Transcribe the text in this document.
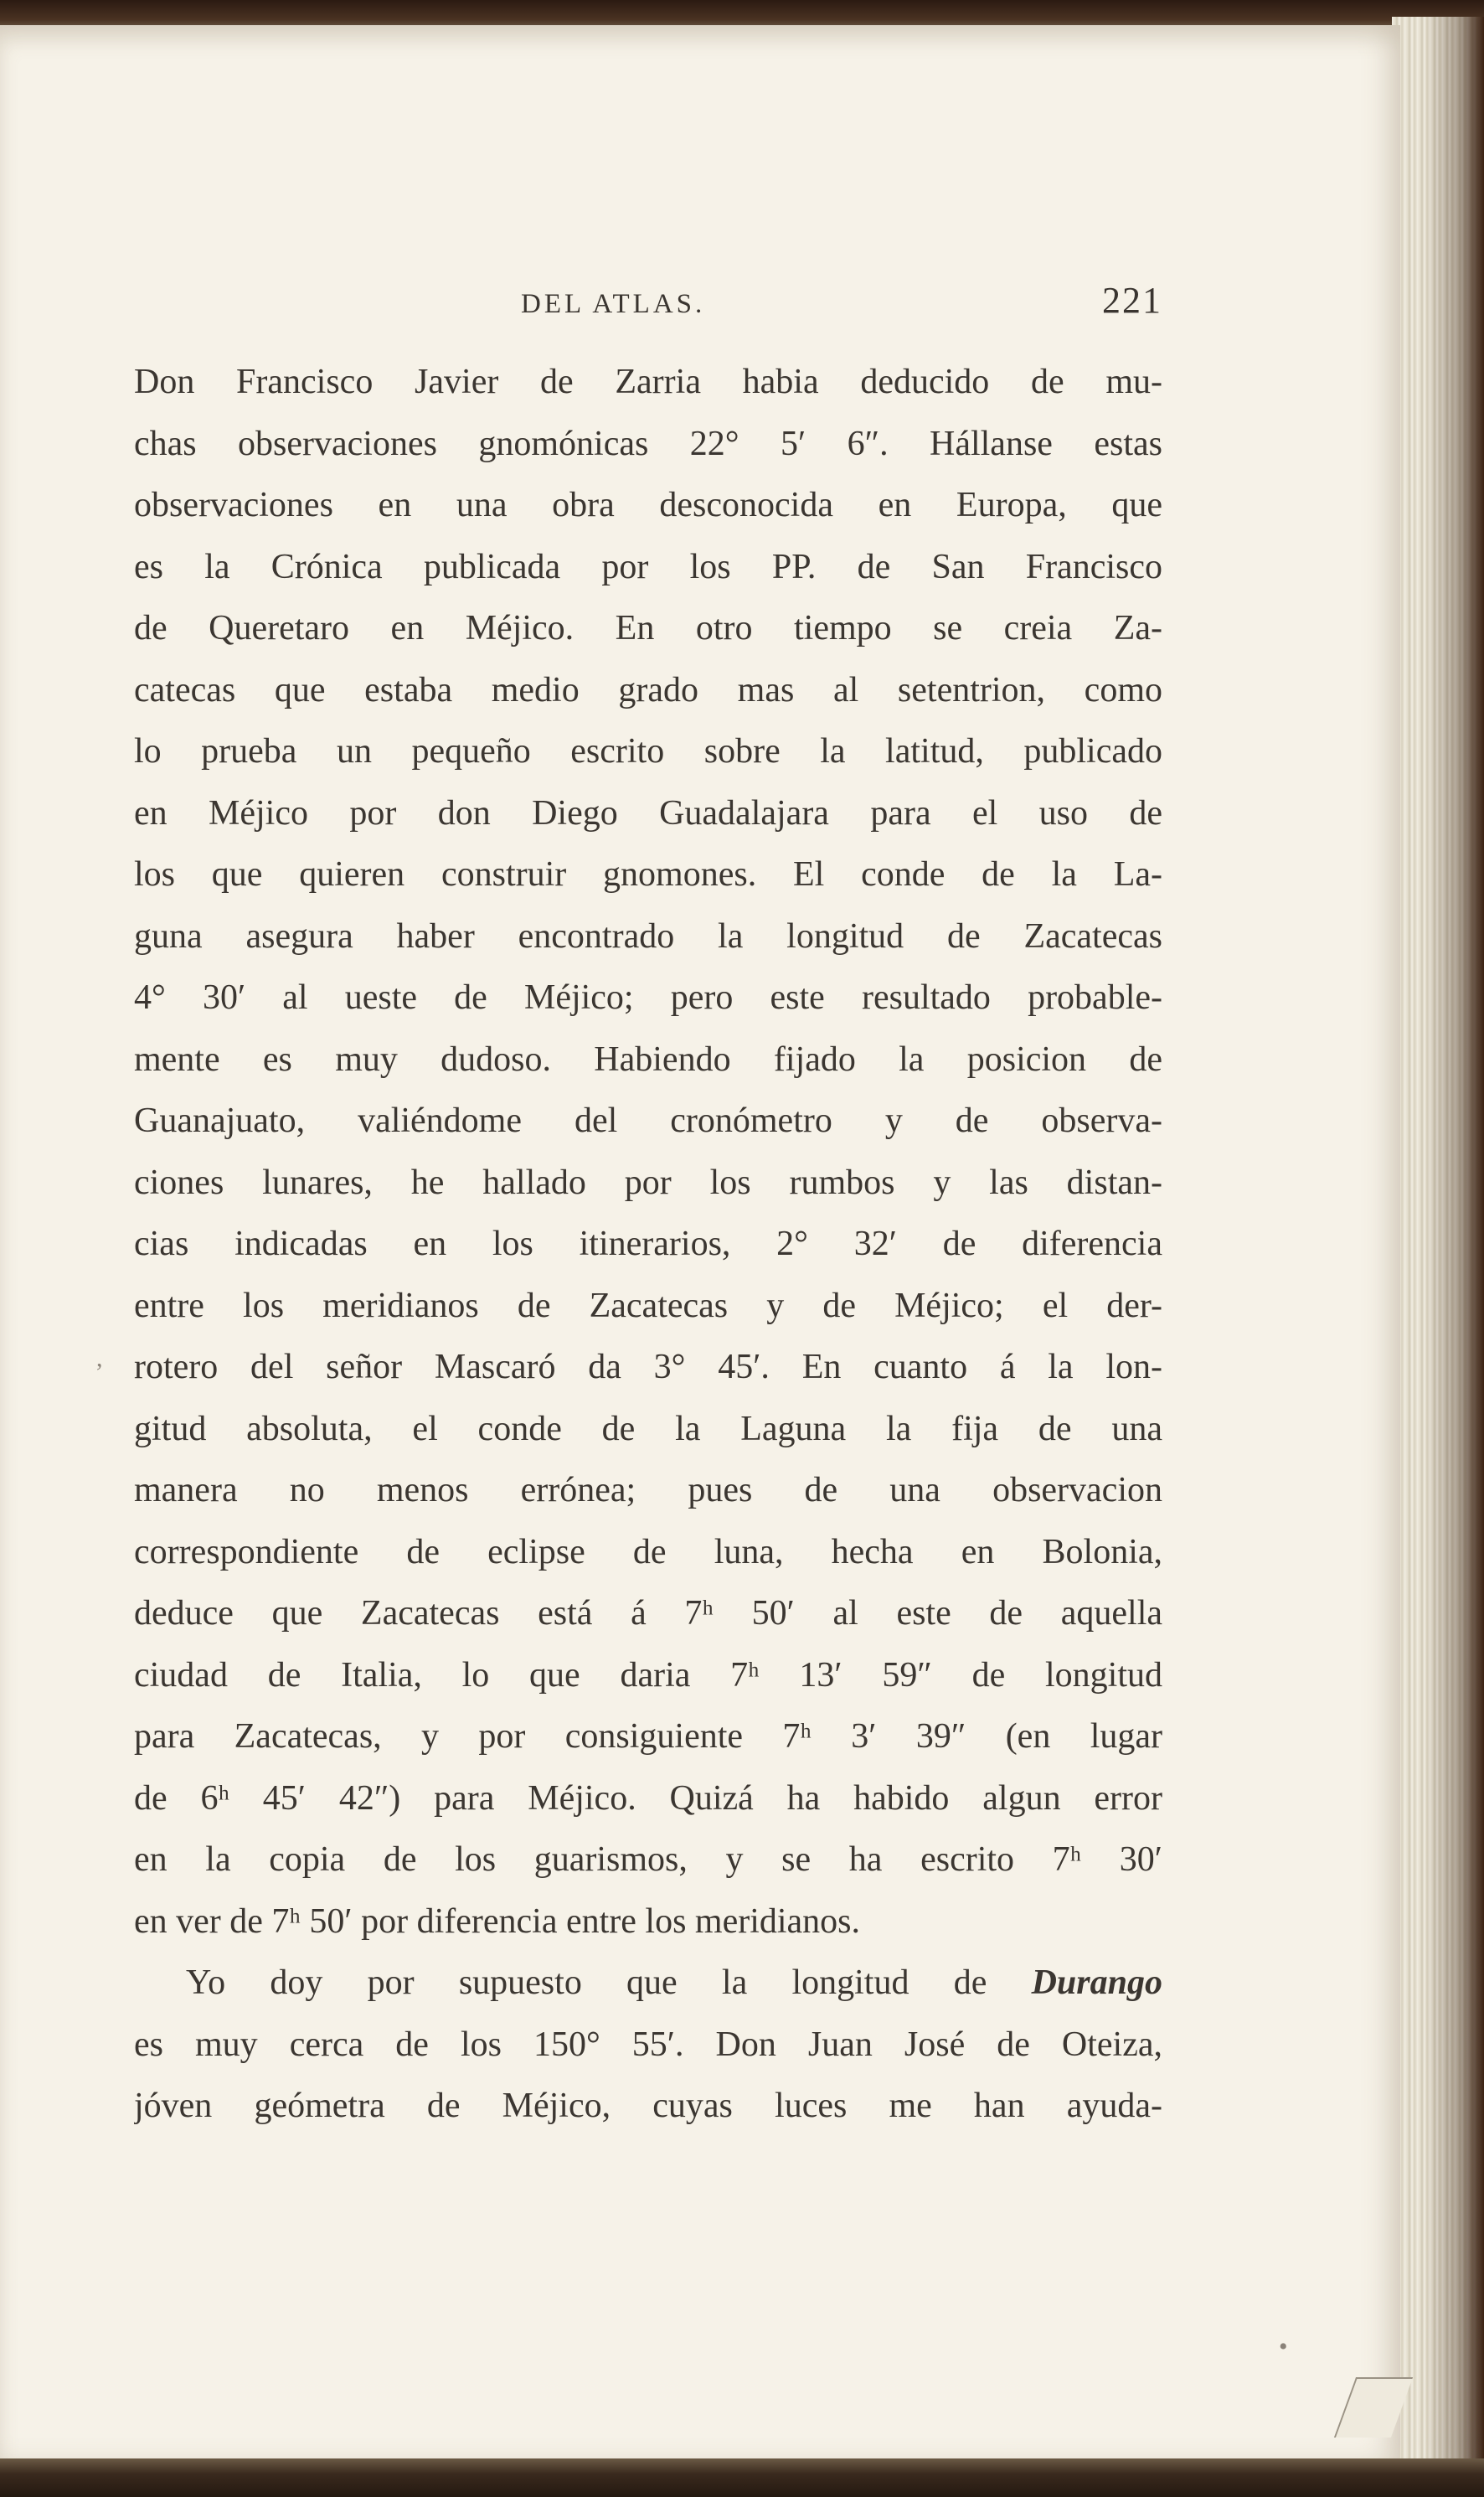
DEL ATLAS.	221
Don Francisco Javier de Zarria habia deducido de mu-
chas observaciones gnomónicas 22° 5′ 6″. Hállanse estas
observaciones en una obra desconocida en Europa, que
es la Crónica publicada por los PP. de San Francisco
de Queretaro en Méjico. En otro tiempo se creia Za-
catecas que estaba medio grado mas al setentrion, como
lo prueba un pequeño escrito sobre la latitud, publicado
en Méjico por don Diego Guadalajara para el uso de
los que quieren construir gnomones. El conde de la La-
guna asegura haber encontrado la longitud de Zacatecas
4° 30′ al ueste de Méjico; pero este resultado probable-
mente es muy dudoso. Habiendo fijado la posicion de
Guanajuato, valiéndome del cronómetro y de observa-
ciones lunares, he hallado por los rumbos y las distan-
cias indicadas en los itinerarios, 2° 32′ de diferencia
entre los meridianos de Zacatecas y de Méjico; el der-
rotero del señor Mascaró da 3° 45′. En cuanto á la lon-
gitud absoluta, el conde de la Laguna la fija de una
manera no menos errónea; pues de una observacion
correspondiente de eclipse de luna, hecha en Bolonia,
deduce que Zacatecas está á 7ʰ 50′ al este de aquella
ciudad de Italia, lo que daria 7ʰ 13′ 59″ de longitud
para Zacatecas, y por consiguiente 7ʰ 3′ 39″ (en lugar
de 6ʰ 45′ 42″) para Méjico. Quizá ha habido algun error
en la copia de los guarismos, y se ha escrito 7ʰ 30′
en ver de 7ʰ 50′ por diferencia entre los meridianos.
Yo doy por supuesto que la longitud de Durango
es muy cerca de los 150° 55′. Don Juan José de Oteiza,
jóven geómetra de Méjico, cuyas luces me han ayuda-
,
•
